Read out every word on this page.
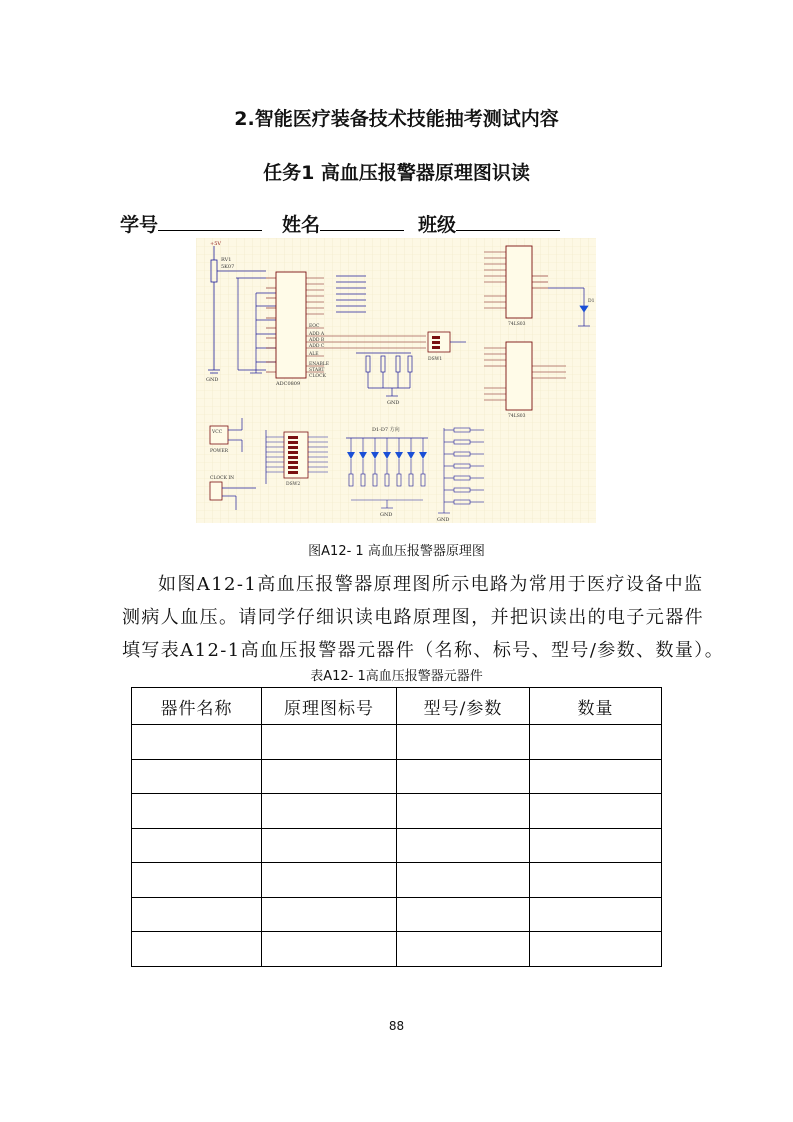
2.智能医疗装备技术技能抽考测试内容
任务1 高血压报警器原理图识读
学号	姓名	班级
+5V
RV1
5K07
GND
ADC0809
EOC
ADD A
ADD B
ADD C
ALE
ENABLE
START
CLOCK
DSW1
GND
74LS03
D1
74LS03
VCC
POWER
CLOCK IN
DSW2
D1-D7 方向
GND
GND
图A12- 1 高血压报警器原理图
如图A12-1高血压报警器原理图所示电路为常用于医疗设备中监
测病人血压。请同学仔细识读电路原理图，并把识读出的电子元器件
填写表A12-1高血压报警器元器件（名称、标号、型号/参数、数量）。
表A12- 1高血压报警器元器件
器件名称	原理图标号	型号/参数	数量

88
